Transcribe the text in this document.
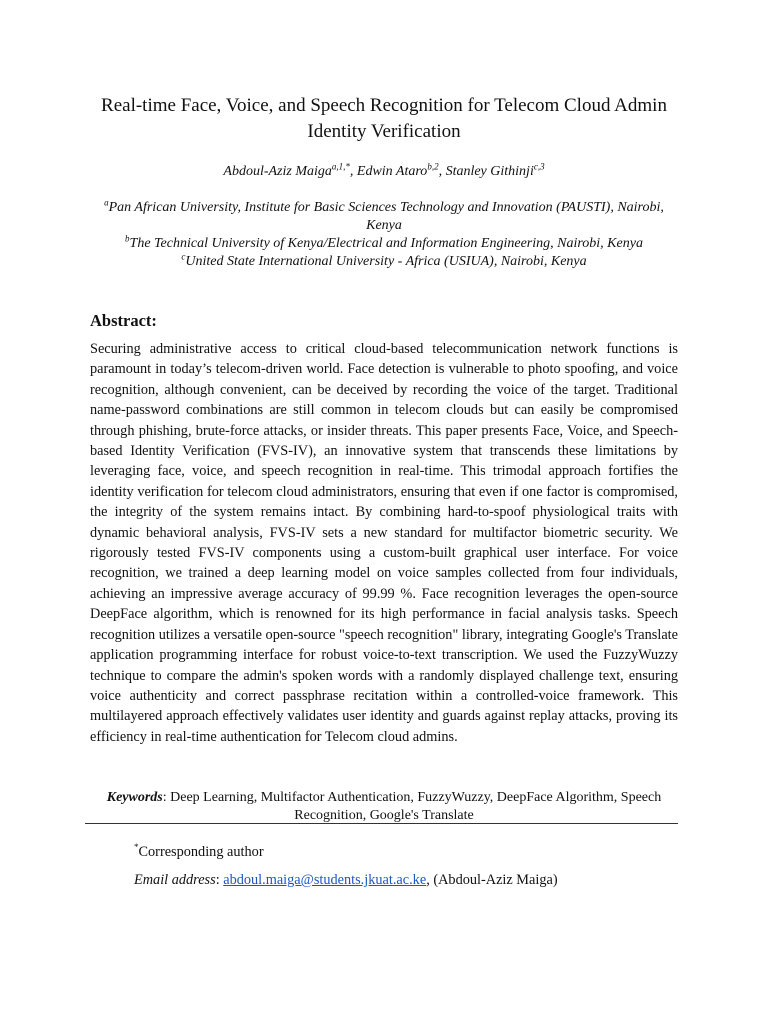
Real-time Face, Voice, and Speech Recognition for Telecom Cloud Admin Identity Verification
Abdoul-Aziz Maiga$^{a,1,*}$, Edwin Ataro$^{b,2}$, Stanley Githinji$^{c,3}$
$^a$Pan African University, Institute for Basic Sciences Technology and Innovation (PAUSTI), Nairobi, Kenya
$^b$The Technical University of Kenya/Electrical and Information Engineering, Nairobi, Kenya
$^c$United State International University - Africa (USIUA), Nairobi, Kenya
Abstract:

Securing administrative access to critical cloud-based telecommunication network functions is paramount in today’s telecom-driven world. Face detection is vulnerable to photo spoofing, and voice recognition, although convenient, can be deceived by recording the voice of the target. Traditional name-password combinations are still common in telecom clouds but can easily be compromised through phishing, brute-force attacks, or insider threats. This paper presents Face, Voice, and Speech-based Identity Verification (FVS-IV), an innovative system that transcends these limitations by leveraging face, voice, and speech recognition in real-time. This trimodal approach fortifies the identity verification for telecom cloud administrators, ensuring that even if one factor is compromised, the integrity of the system remains intact. By combining hard-to-spoof physiological traits with dynamic behavioral analysis, FVS-IV sets a new standard for multifactor biometric security. We rigorously tested FVS-IV components using a custom-built graphical user interface. For voice recognition, we trained a deep learning model on voice samples collected from four individuals, achieving an impressive average accuracy of 99.99 %. Face recognition leverages the open-source DeepFace algorithm, which is renowned for its high performance in facial analysis tasks. Speech recognition utilizes a versatile open-source "speech recognition" library, integrating Google's Translate application programming interface for robust voice-to-text transcription. We used the FuzzyWuzzy technique to compare the admin's spoken words with a randomly displayed challenge text, ensuring voice authenticity and correct passphrase recitation within a controlled-voice framework. This multilayered approach effectively validates user identity and guards against replay attacks, proving its efficiency in real-time authentication for Telecom cloud admins.

Keywords: Deep Learning, Multifactor Authentication, FuzzyWuzzy, DeepFace Algorithm, Speech Recognition, Google's Translate
*Corresponding author
Email address: abdoul.maiga@students.jkuat.ac.ke, (Abdoul-Aziz Maiga)
